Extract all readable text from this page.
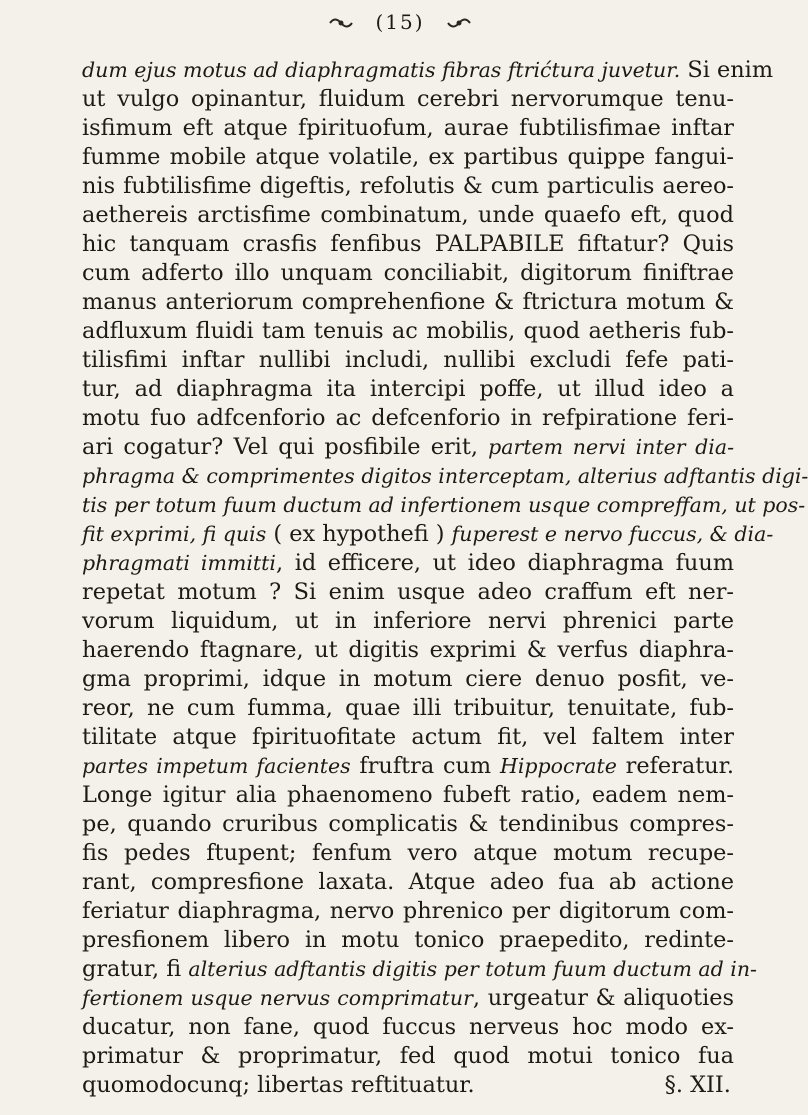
(15)
dum ejus motus ad diaphragmatis fibras ftrićtura juvetur. Si enim
ut vulgo opinantur, fluidum cerebri nervorumque tenu-
isfimum eft atque fpirituofum, aurae fubtilisfimae inftar
fumme mobile atque volatile, ex partibus quippe fangui-
nis fubtilisfime digeftis, refolutis & cum particulis aereo-
aethereis arctisfime combinatum, unde quaefo eft, quod
hic tanquam crasfis fenfibus PALPABILE fiftatur? Quis
cum adferto illo unquam conciliabit, digitorum finiftrae
manus anteriorum comprehenfione & ftrictura motum &
adfluxum fluidi tam tenuis ac mobilis, quod aetheris fub-
tilisfimi inftar nullibi includi, nullibi excludi fefe pati-
tur, ad diaphragma ita intercipi poffe, ut illud ideo a
motu fuo adfcenforio ac defcenforio in refpiratione feri-
ari cogatur? Vel qui posfibile erit, partem nervi inter dia-
phragma & comprimentes digitos interceptam, alterius adftantis digi-
tis per totum fuum ductum ad infertionem usque compreffam, ut pos-
fit exprimi, fi quis ( ex hypothefi ) fuperest e nervo fuccus, & dia-
phragmati immitti, id efficere, ut ideo diaphragma fuum
repetat motum ? Si enim usque adeo craffum eft ner-
vorum liquidum, ut in inferiore nervi phrenici parte
haerendo ftagnare, ut digitis exprimi & verfus diaphra-
gma proprimi, idque in motum ciere denuo posfit, ve-
reor, ne cum fumma, quae illi tribuitur, tenuitate, fub-
tilitate atque fpirituofitate actum fit, vel faltem inter
partes impetum facientes fruftra cum Hippocrate referatur.
Longe igitur alia phaenomeno fubeft ratio, eadem nem-
pe, quando cruribus complicatis & tendinibus compres-
fis pedes ftupent; fenfum vero atque motum recupe-
rant, compresfione laxata. Atque adeo fua ab actione
feriatur diaphragma, nervo phrenico per digitorum com-
presfionem libero in motu tonico praepedito, redinte-
gratur, fi alterius adftantis digitis per totum fuum ductum ad in-
fertionem usque nervus comprimatur, urgeatur & aliquoties
ducatur, non fane, quod fuccus nerveus hoc modo ex-
primatur & proprimatur, fed quod motui tonico fua
quomodocunq; libertas reftituatur.	§. XII.
